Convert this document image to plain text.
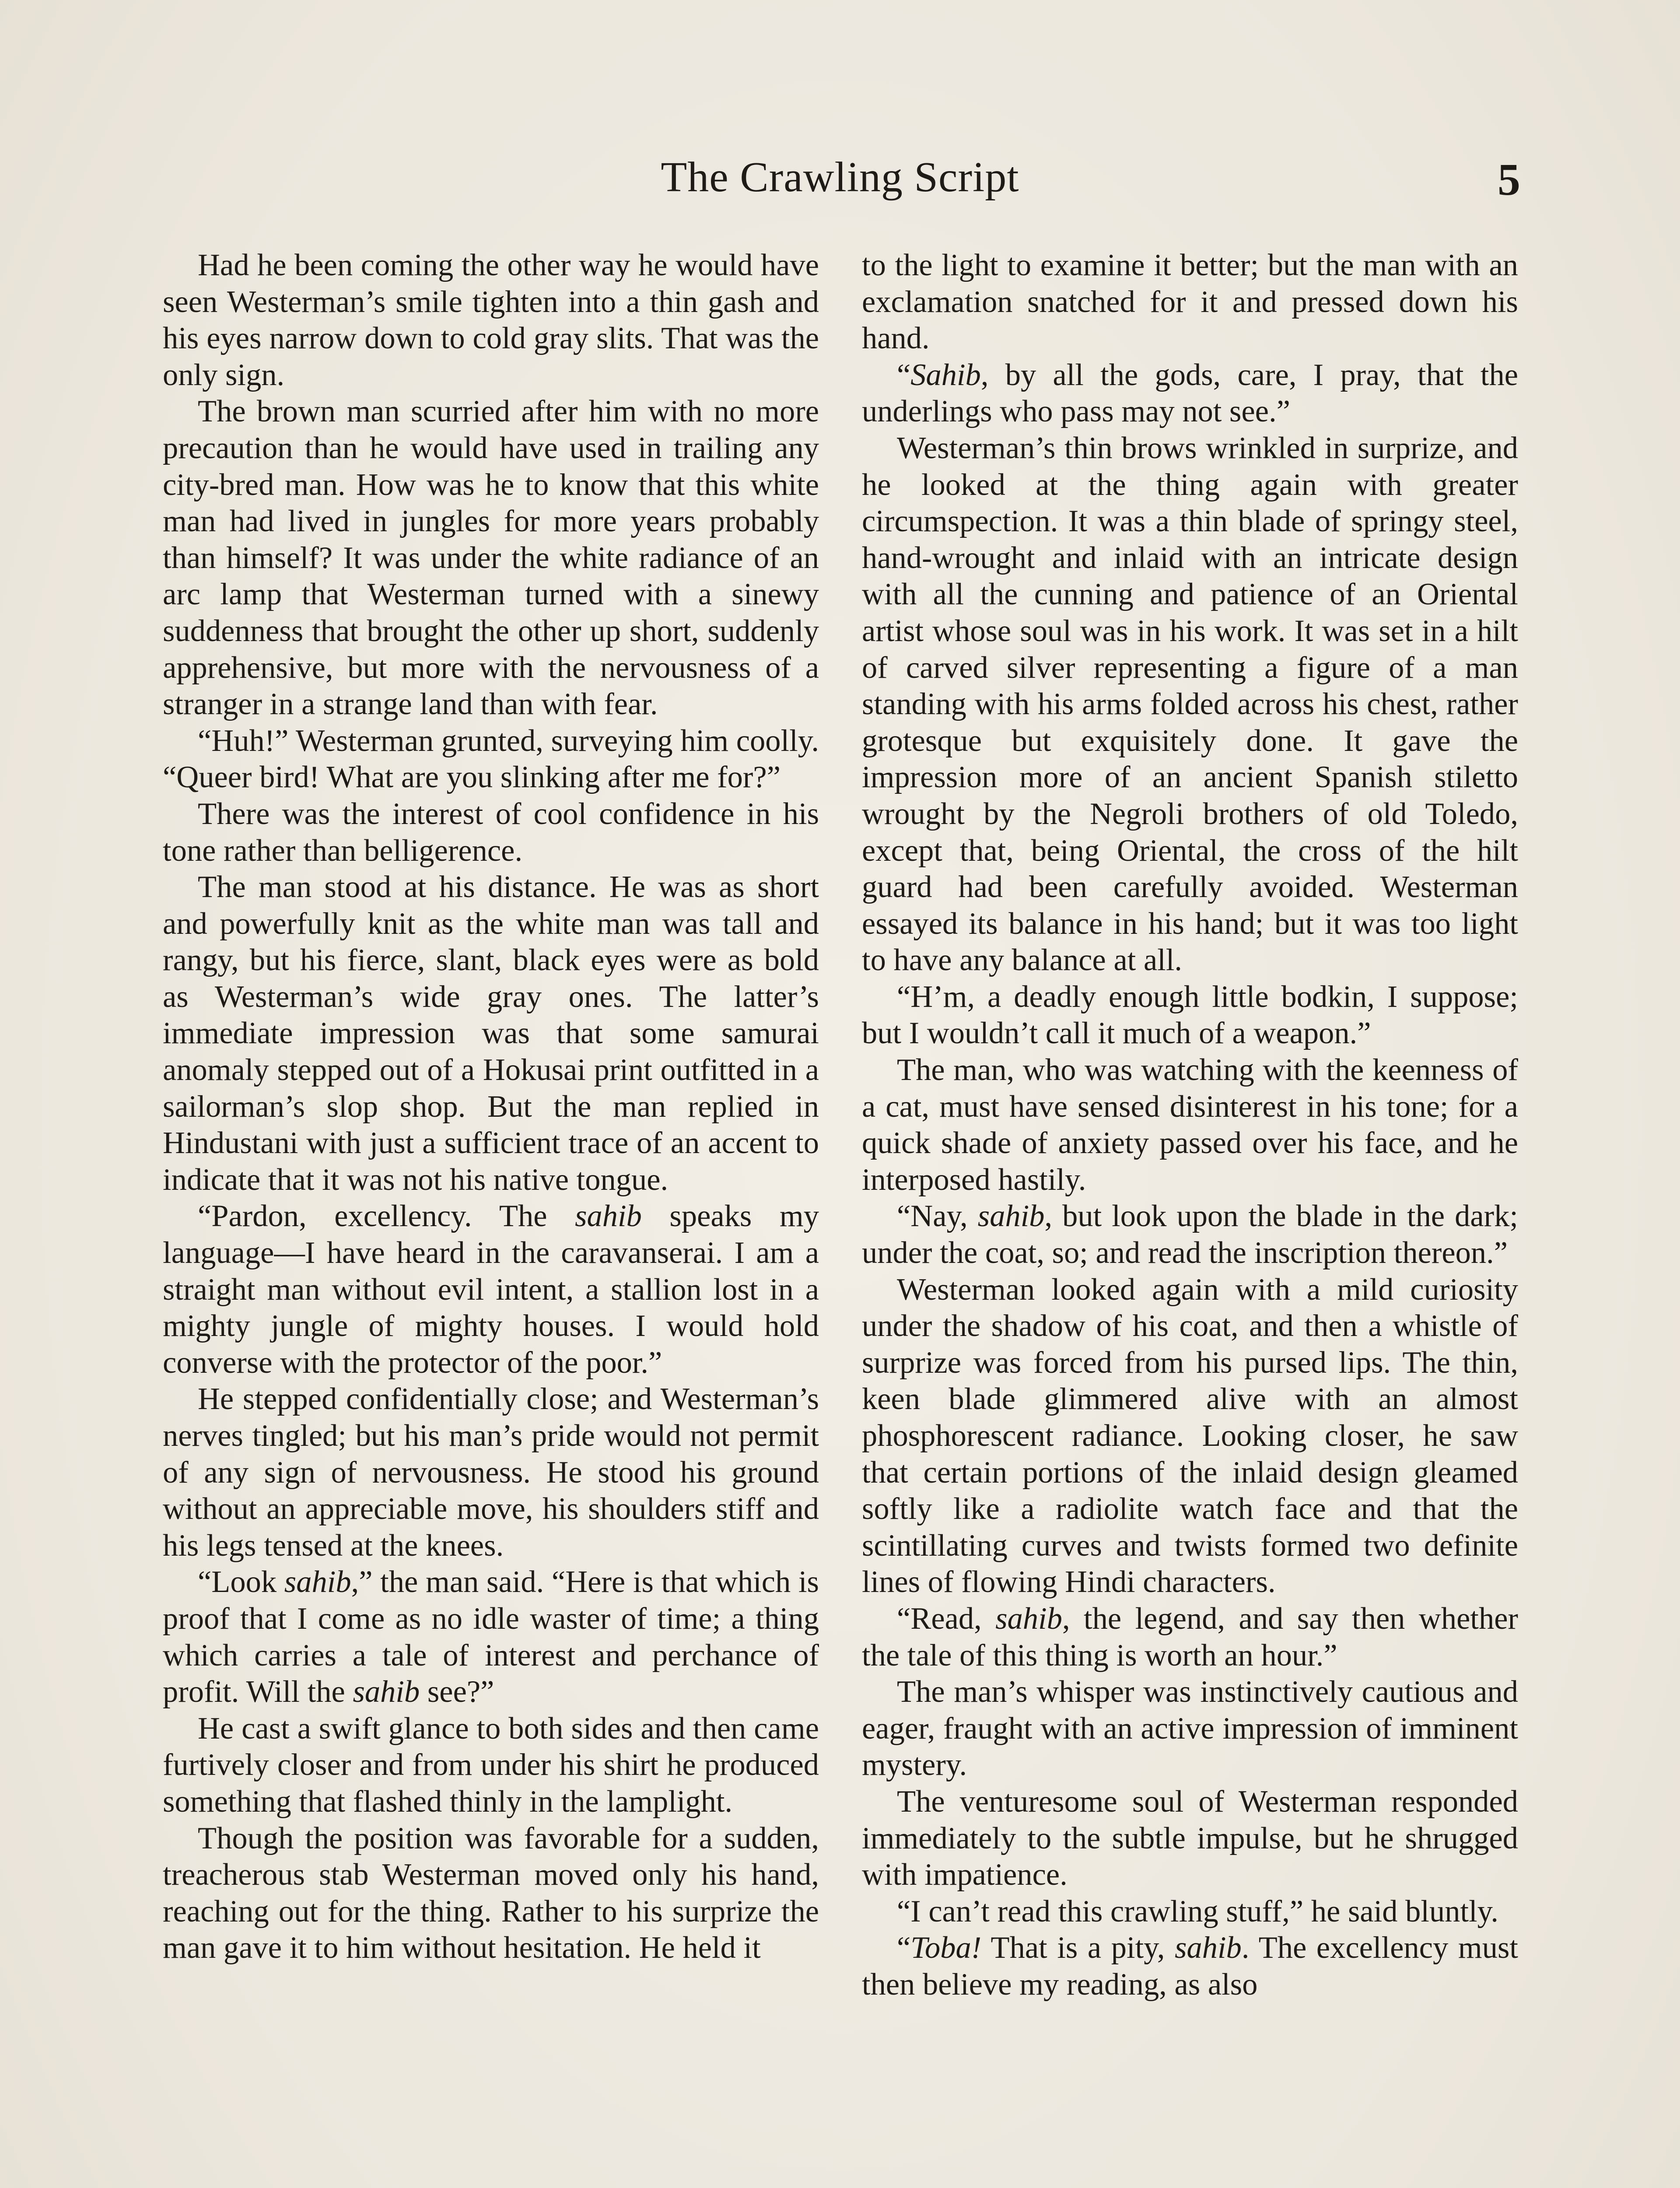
The Crawling Script	5

Had he been coming the other way he would have seen Westerman’s smile tighten into a thin gash and his eyes narrow down to cold gray slits. That was the only sign.

The brown man scurried after him with no more precaution than he would have used in trailing any city-bred man. How was he to know that this white man had lived in jungles for more years probably than himself? It was under the white radiance of an arc lamp that Westerman turned with a sinewy suddenness that brought the other up short, suddenly apprehensive, but more with the nervousness of a stranger in a strange land than with fear.

“Huh!” Westerman grunted, surveying him coolly. “Queer bird! What are you slinking after me for?”

There was the interest of cool confidence in his tone rather than belligerence.

The man stood at his distance. He was as short and powerfully knit as the white man was tall and rangy, but his fierce, slant, black eyes were as bold as Westerman’s wide gray ones. The latter’s immediate impression was that some samurai anomaly stepped out of a Hokusai print outfitted in a sailorman’s slop shop. But the man replied in Hindustani with just a sufficient trace of an accent to indicate that it was not his native tongue.

“Pardon, excellency. The sahib speaks my language—I have heard in the caravanserai. I am a straight man without evil intent, a stallion lost in a mighty jungle of mighty houses. I would hold converse with the protector of the poor.”

He stepped confidentially close; and Westerman’s nerves tingled; but his man’s pride would not permit of any sign of nervousness. He stood his ground without an appreciable move, his shoulders stiff and his legs tensed at the knees.

“Look sahib,” the man said. “Here is that which is proof that I come as no idle waster of time; a thing which carries a tale of interest and perchance of profit. Will the sahib see?”

He cast a swift glance to both sides and then came furtively closer and from under his shirt he produced something that flashed thinly in the lamplight.

Though the position was favorable for a sudden, treacherous stab Westerman moved only his hand, reaching out for the thing. Rather to his surprize the man gave it to him without hesitation. He held it

to the light to examine it better; but the man with an exclamation snatched for it and pressed down his hand.

“Sahib, by all the gods, care, I pray, that the underlings who pass may not see.”

Westerman’s thin brows wrinkled in surprize, and he looked at the thing again with greater circumspection. It was a thin blade of springy steel, hand-wrought and inlaid with an intricate design with all the cunning and patience of an Oriental artist whose soul was in his work. It was set in a hilt of carved silver representing a figure of a man standing with his arms folded across his chest, rather grotesque but exquisitely done. It gave the impression more of an ancient Spanish stiletto wrought by the Negroli brothers of old Toledo, except that, being Oriental, the cross of the hilt guard had been carefully avoided. Westerman essayed its balance in his hand; but it was too light to have any balance at all.

“H’m, a deadly enough little bodkin, I suppose; but I wouldn’t call it much of a weapon.”

The man, who was watching with the keenness of a cat, must have sensed disinterest in his tone; for a quick shade of anxiety passed over his face, and he interposed hastily.

“Nay, sahib, but look upon the blade in the dark; under the coat, so; and read the inscription thereon.”

Westerman looked again with a mild curiosity under the shadow of his coat, and then a whistle of surprize was forced from his pursed lips. The thin, keen blade glimmered alive with an almost phosphorescent radiance. Looking closer, he saw that certain portions of the inlaid design gleamed softly like a radiolite watch face and that the scintillating curves and twists formed two definite lines of flowing Hindi characters.

“Read, sahib, the legend, and say then whether the tale of this thing is worth an hour.”

The man’s whisper was instinctively cautious and eager, fraught with an active impression of imminent mystery.

The venturesome soul of Westerman responded immediately to the subtle impulse, but he shrugged with impatience.

“I can’t read this crawling stuff,” he said bluntly.

“Toba! That is a pity, sahib. The excellency must then believe my reading, as also
